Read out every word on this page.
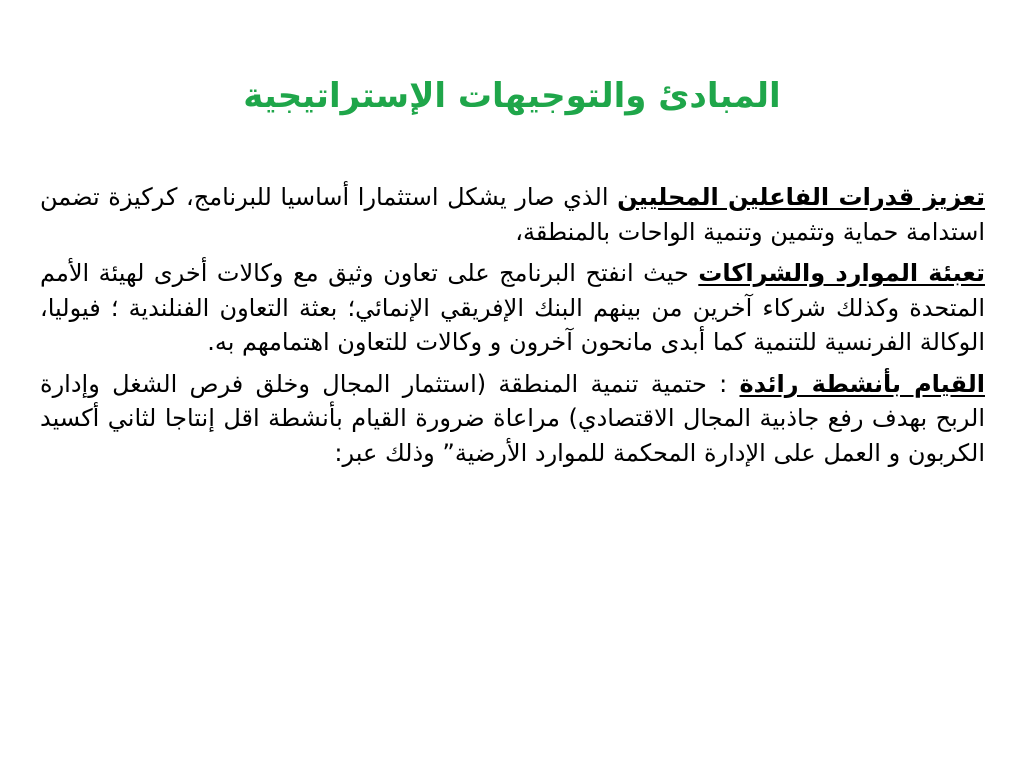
المبادئ والتوجيهات الإستراتيجية

تعزيز قدرات الفاعلين المحليين الذي صار يشكل استثمارا أساسيا للبرنامج، كركيزة تضمن استدامة حماية وتثمين وتنمية الواحات بالمنطقة،

تعبئة الموارد والشراكات حيث انفتح البرنامج على تعاون وثيق مع وكالات أخرى لهيئة الأمم المتحدة وكذلك شركاء آخرين من بينهم البنك الإفريقي الإنمائي؛ بعثة التعاون الفنلندية ؛ فيوليا، الوكالة الفرنسية للتنمية كما أبدى مانحون آخرون و وكالات للتعاون اهتمامهم به.

القيام بأنشطة رائدة : حتمية تنمية المنطقة (استثمار المجال وخلق فرص الشغل وإدارة الربح بهدف رفع جاذبية المجال الاقتصادي) مراعاة ضرورة القيام بأنشطة اقل إنتاجا لثاني أكسيد الكربون و العمل على الإدارة المحكمة للموارد الأرضية” وذلك عبر:
